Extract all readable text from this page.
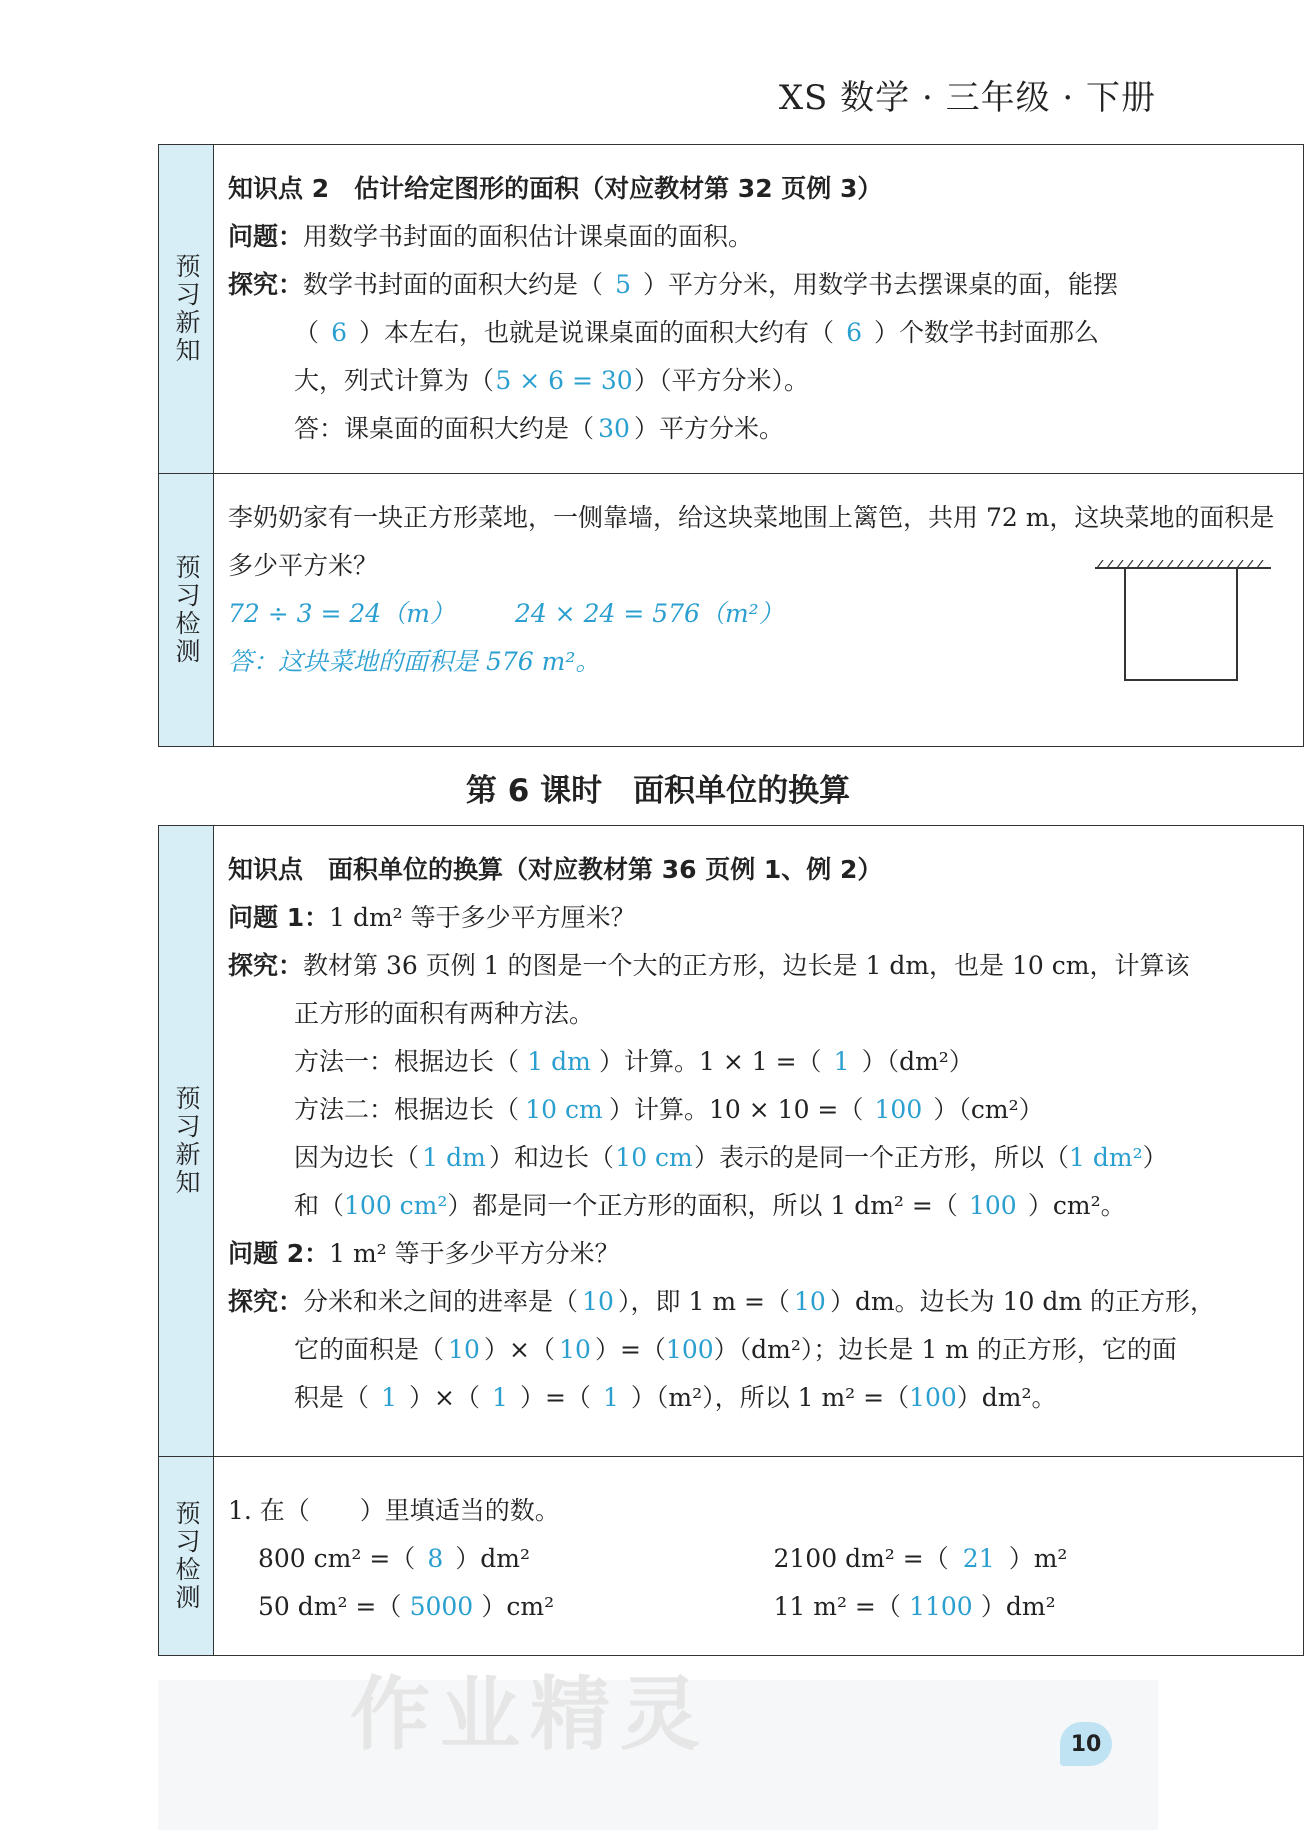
XS 数学 · 三年级 · 下册
预习新知
知识点 2　估计给定图形的面积（对应教材第 32 页例 3）
问题：用数学书封面的面积估计课桌面的面积。
探究：数学书封面的面积大约是（ 5 ）平方分米，用数学书去摆课桌的面，能摆
（ 6 ）本左右，也就是说课桌面的面积大约有（ 6 ）个数学书封面那么
大，列式计算为（5 × 6 = 30）（平方分米）。
答：课桌面的面积大约是（ 30 ）平方分米。
预习检测
李奶奶家有一块正方形菜地，一侧靠墙，给这块菜地围上篱笆，共用 72 m，这块菜地的面积是多少平方米？
72 ÷ 3 = 24（m） 24 × 24 = 576（m²）
答：这块菜地的面积是 576 m²。
第 6 课时　面积单位的换算
预习新知
知识点　面积单位的换算（对应教材第 36 页例 1、例 2）
问题 1：1 dm² 等于多少平方厘米？
探究：教材第 36 页例 1 的图是一个大的正方形，边长是 1 dm，也是 10 cm，计算该
正方形的面积有两种方法。
方法一：根据边长（ 1 dm ）计算。1 × 1 =（ 1 ）（dm²）
方法二：根据边长（ 10 cm ）计算。10 × 10 =（ 100 ）（cm²）
因为边长（ 1 dm ）和边长（10 cm）表示的是同一个正方形，所以（1 dm²）
和（100 cm²）都是同一个正方形的面积，所以 1 dm² =（ 100 ）cm²。
问题 2：1 m² 等于多少平方分米？
探究：分米和米之间的进率是（ 10 ），即 1 m =（ 10 ）dm。边长为 10 dm 的正方形，
它的面积是（ 10 ）×（ 10 ）=（100）（dm²）；边长是 1 m 的正方形，它的面
积是（ 1 ）×（ 1 ）=（ 1 ）（m²），所以 1 m² =（100）dm²。
预习检测 1. 在（　　）里填适当的数。
800 cm² =（ 8 ）dm²	2100 dm² =（ 21 ）m²
50 dm² =（ 5000 ）cm²	11 m² =（ 1100 ）dm²
作业精灵	10
